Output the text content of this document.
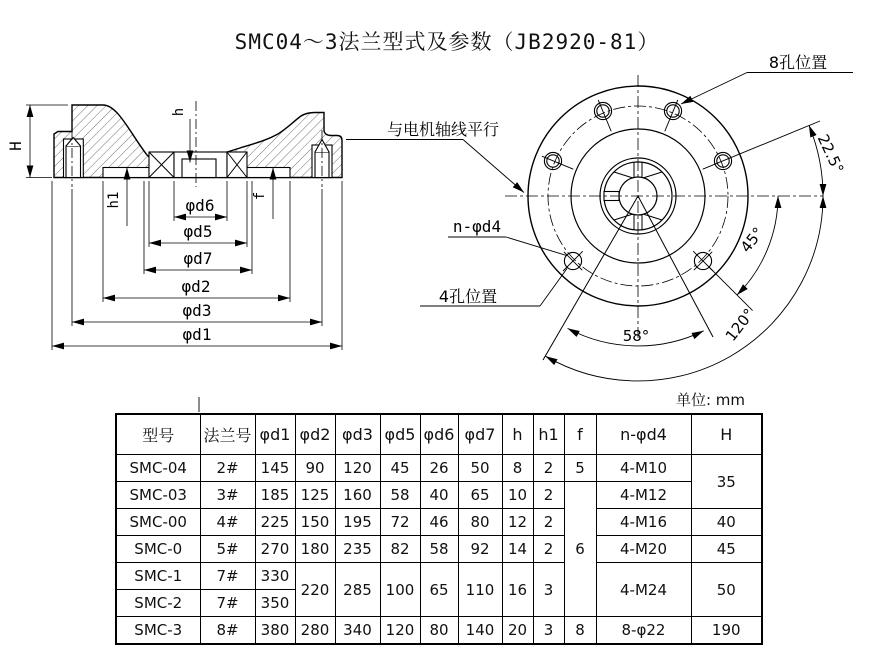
SMC04～3法兰型式及参数（JB2920-81）
H
h
h1	f
φd6
φd5
φd7
φd2
φd3
φd1
8孔位置
与电机轴线平行
n-φd4
4孔位置
22.5°
45°
58°	120°
单位: mm
型号	法兰号	φd1	φd2	φd3	φd5	φd6	φd7	h	h1	f	n-φd4	H
SMC-04	2#	145	90	120	45	26	50	8	2	5	4-M10	35
SMC-03	3#	185	125	160	58	40	65	10	2	6	4-M12	
SMC-00	4#	225	150	195	72	46	80	12	2		4-M16	40
SMC-0	5#	270	180	235	82	58	92	14	2		4-M20	45
SMC-1	7#	330	220	285	100	65	110	16	3		4-M24	50
SMC-2	7#	350										
SMC-3	8#	380	280	340	120	80	140	20	3	8	8-φ22	190
